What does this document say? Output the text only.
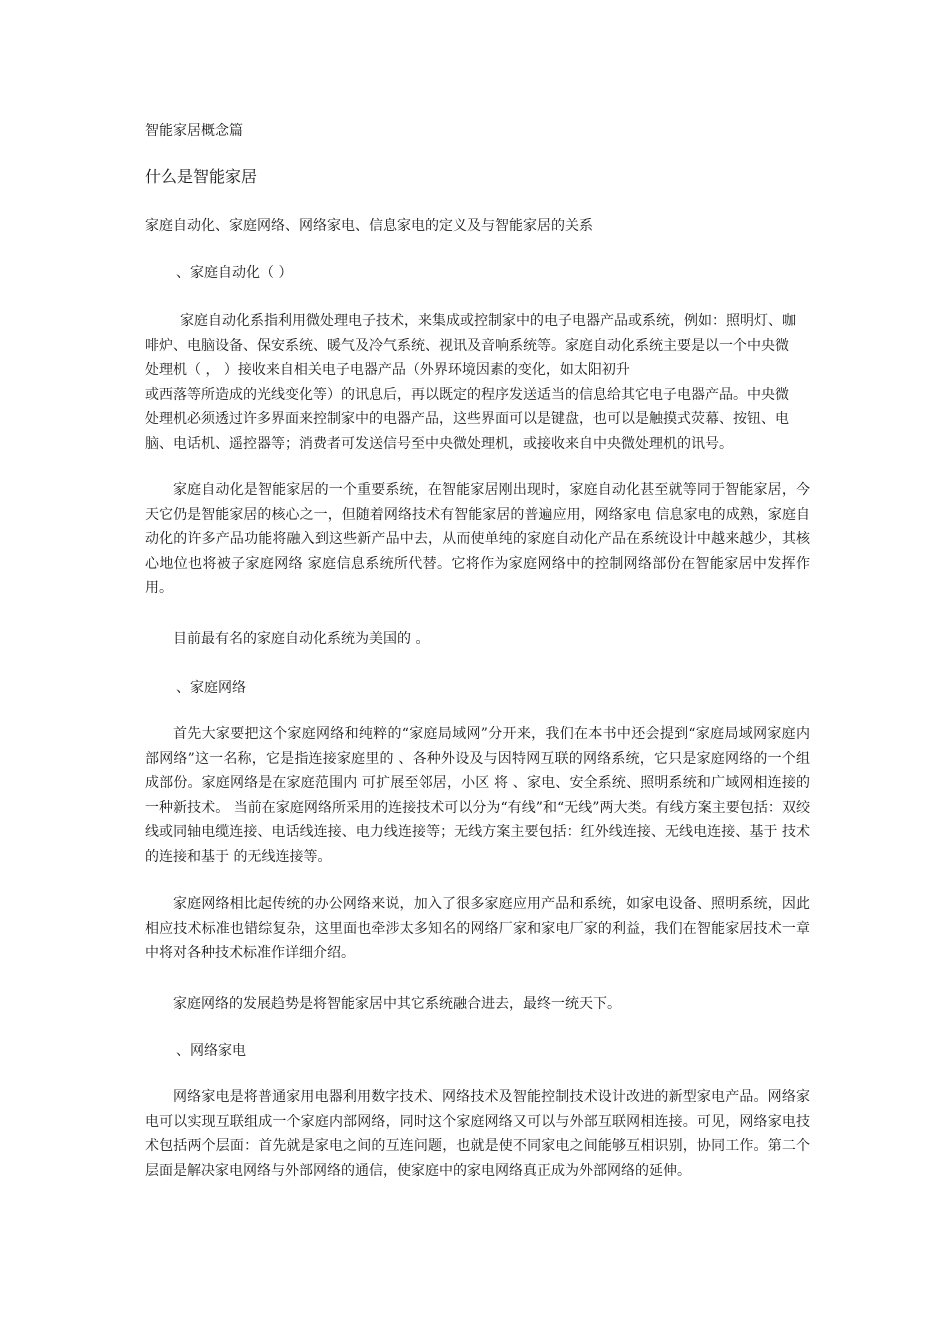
智能家居概念篇
什么是智能家居
家庭自动化、家庭网络、网络家电、信息家电的定义及与智能家居的关系
、家庭自动化（ ）
家庭自动化系指利用微处理电子技术，来集成或控制家中的电子电器产品或系统，例如：照明灯、咖
啡炉、电脑设备、保安系统、暖气及冷气系统、视讯及音响系统等。家庭自动化系统主要是以一个中央微
处理机（ ， ）接收来自相关电子电器产品（外界环境因素的变化，如太阳初升
或西落等所造成的光线变化等）的讯息后，再以既定的程序发送适当的信息给其它电子电器产品。中央微
处理机必须透过许多界面来控制家中的电器产品，这些界面可以是键盘，也可以是触摸式荧幕、按钮、电
脑、电话机、遥控器等；消费者可发送信号至中央微处理机，或接收来自中央微处理机的讯号。
家庭自动化是智能家居的一个重要系统，在智能家居刚出现时，家庭自动化甚至就等同于智能家居，今天它仍是智能家居的核心之一，但随着网络技术有智能家居的普遍应用，网络家电 信息家电的成熟，家庭自动化的许多产品功能将融入到这些新产品中去，从而使单纯的家庭自动化产品在系统设计中越来越少，其核心地位也将被子家庭网络 家庭信息系统所代替。它将作为家庭网络中的控制网络部份在智能家居中发挥作用。
目前最有名的家庭自动化系统为美国的 。
、家庭网络
首先大家要把这个家庭网络和纯粹的“家庭局域网”分开来，我们在本书中还会提到“家庭局域网家庭内部网络”这一名称，它是指连接家庭里的 、各种外设及与因特网互联的网络系统，它只是家庭网络的一个组成部份。家庭网络是在家庭范围内 可扩展至邻居，小区 将 、家电、安全系统、照明系统和广域网相连接的一种新技术。 当前在家庭网络所采用的连接技术可以分为“有线”和“无线”两大类。有线方案主要包括：双绞线或同轴电缆连接、电话线连接、电力线连接等；无线方案主要包括：红外线连接、无线电连接、基于 技术的连接和基于 的无线连接等。
家庭网络相比起传统的办公网络来说，加入了很多家庭应用产品和系统，如家电设备、照明系统，因此相应技术标准也错综复杂，这里面也牵涉太多知名的网络厂家和家电厂家的利益，我们在智能家居技术一章中将对各种技术标准作详细介绍。
家庭网络的发展趋势是将智能家居中其它系统融合进去，最终一统天下。
、网络家电
网络家电是将普通家用电器利用数字技术、网络技术及智能控制技术设计改进的新型家电产品。网络家电可以实现互联组成一个家庭内部网络，同时这个家庭网络又可以与外部互联网相连接。可见，网络家电技术包括两个层面：首先就是家电之间的互连问题，也就是使不同家电之间能够互相识别，协同工作。第二个层面是解决家电网络与外部网络的通信，使家庭中的家电网络真正成为外部网络的延伸。
